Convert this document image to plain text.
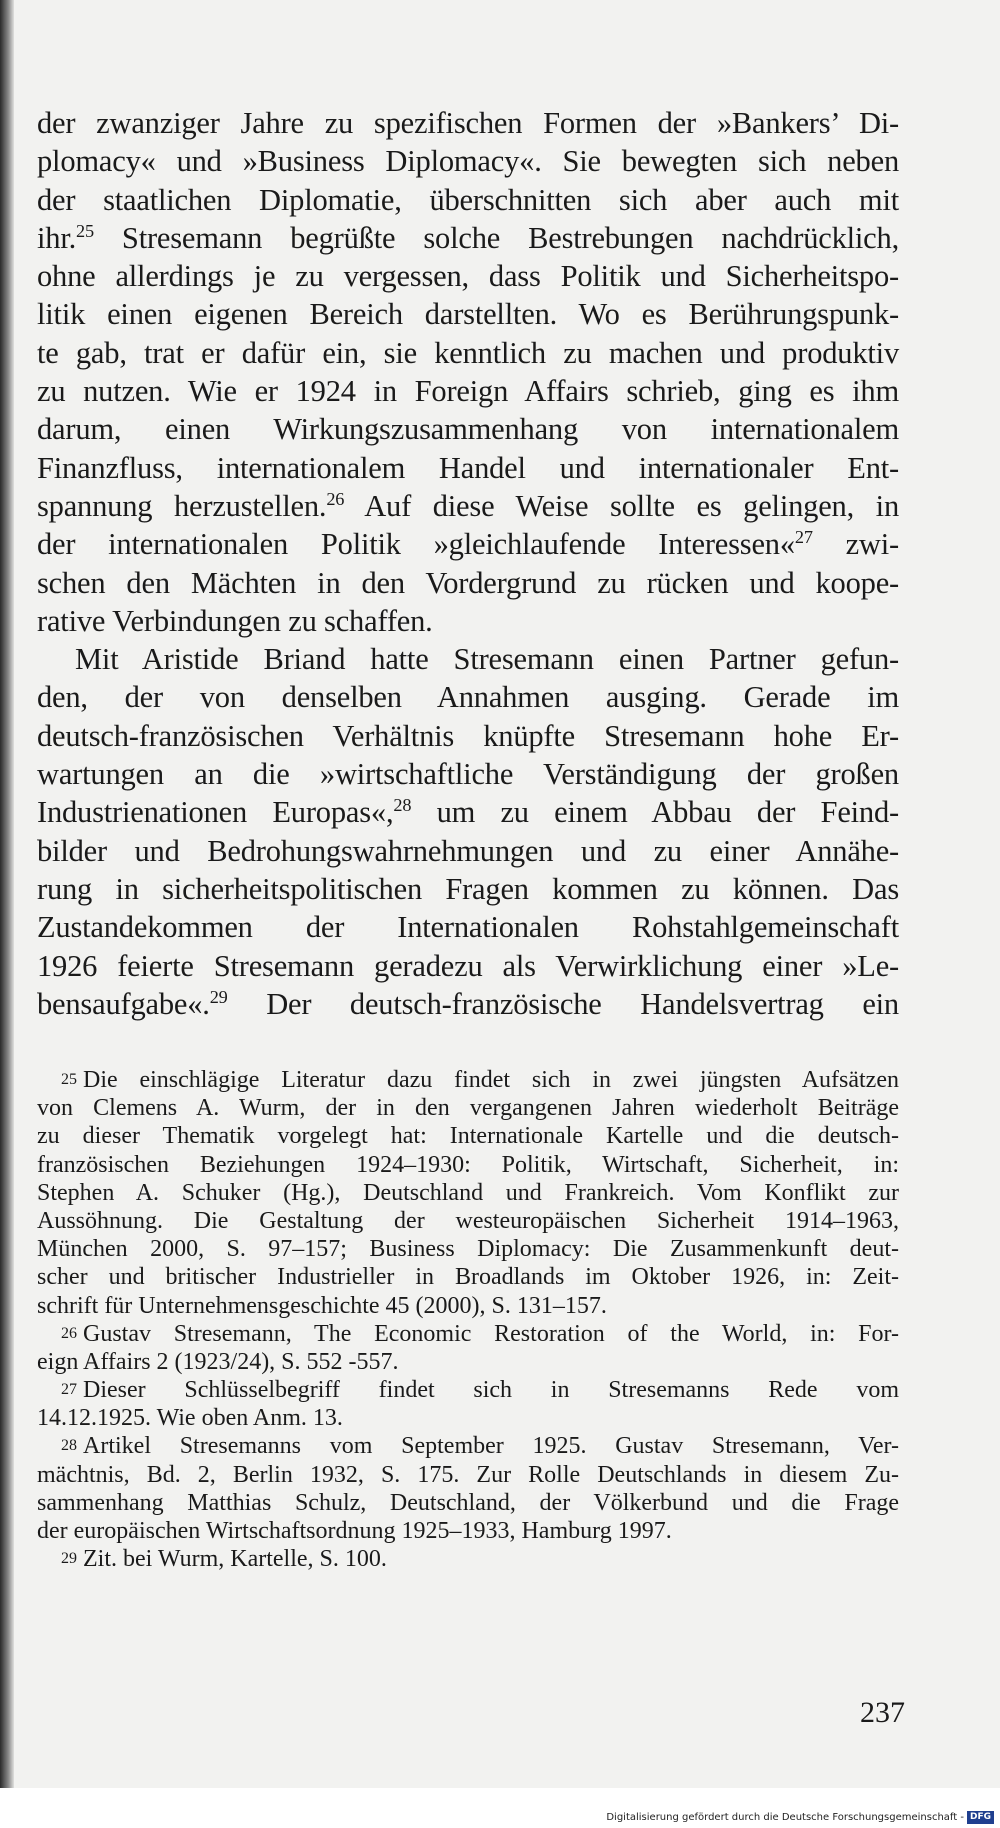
der zwanziger Jahre zu spezifischen Formen der »Bankers’ Di-
plomacy« und »Business Diplomacy«. Sie bewegten sich neben
der staatlichen Diplomatie, überschnitten sich aber auch mit
ihr.$^{25}$ Stresemann begrüßte solche Bestrebungen nachdrücklich,
ohne allerdings je zu vergessen, dass Politik und Sicherheitspo-
litik einen eigenen Bereich darstellten. Wo es Berührungspunk-
te gab, trat er dafür ein, sie kenntlich zu machen und produktiv
zu nutzen. Wie er 1924 in Foreign Affairs schrieb, ging es ihm
darum, einen Wirkungszusammenhang von internationalem
Finanzfluss, internationalem Handel und internationaler Ent-
spannung herzustellen.$^{26}$ Auf diese Weise sollte es gelingen, in
der internationalen Politik »gleichlaufende Interessen«$^{27}$ zwi-
schen den Mächten in den Vordergrund zu rücken und koope-
rative Verbindungen zu schaffen.
Mit Aristide Briand hatte Stresemann einen Partner gefun-
den, der von denselben Annahmen ausging. Gerade im
deutsch-französischen Verhältnis knüpfte Stresemann hohe Er-
wartungen an die »wirtschaftliche Verständigung der großen
Industrienationen Europas«,$^{28}$ um zu einem Abbau der Feind-
bilder und Bedrohungswahrnehmungen und zu einer Annähe-
rung in sicherheitspolitischen Fragen kommen zu können. Das
Zustandekommen der Internationalen Rohstahlgemeinschaft
1926 feierte Stresemann geradezu als Verwirklichung einer »Le-
bensaufgabe«.$^{29}$ Der deutsch-französische Handelsvertrag ein
$^{25}$ Die einschlägige Literatur dazu findet sich in zwei jüngsten Aufsätzen
von Clemens A. Wurm, der in den vergangenen Jahren wiederholt Beiträge
zu dieser Thematik vorgelegt hat: Internationale Kartelle und die deutsch-
französischen Beziehungen 1924–1930: Politik, Wirtschaft, Sicherheit, in:
Stephen A. Schuker (Hg.), Deutschland und Frankreich. Vom Konflikt zur
Aussöhnung. Die Gestaltung der westeuropäischen Sicherheit 1914–1963,
München 2000, S. 97–157; Business Diplomacy: Die Zusammenkunft deut-
scher und britischer Industrieller in Broadlands im Oktober 1926, in: Zeit-
schrift für Unternehmensgeschichte 45 (2000), S. 131–157.
$^{26}$ Gustav Stresemann, The Economic Restoration of the World, in: For-
eign Affairs 2 (1923/24), S. 552 -557.
$^{27}$ Dieser Schlüsselbegriff findet sich in Stresemanns Rede vom
14.12.1925. Wie oben Anm. 13.
$^{28}$ Artikel Stresemanns vom September 1925. Gustav Stresemann, Ver-
mächtnis, Bd. 2, Berlin 1932, S. 175. Zur Rolle Deutschlands in diesem Zu-
sammenhang Matthias Schulz, Deutschland, der Völkerbund und die Frage
der europäischen Wirtschaftsordnung 1925–1933, Hamburg 1997.
$^{29}$ Zit. bei Wurm, Kartelle, S. 100.
237
Digitalisierung gefördert durch die Deutsche Forschungsgemeinschaft - DFG
